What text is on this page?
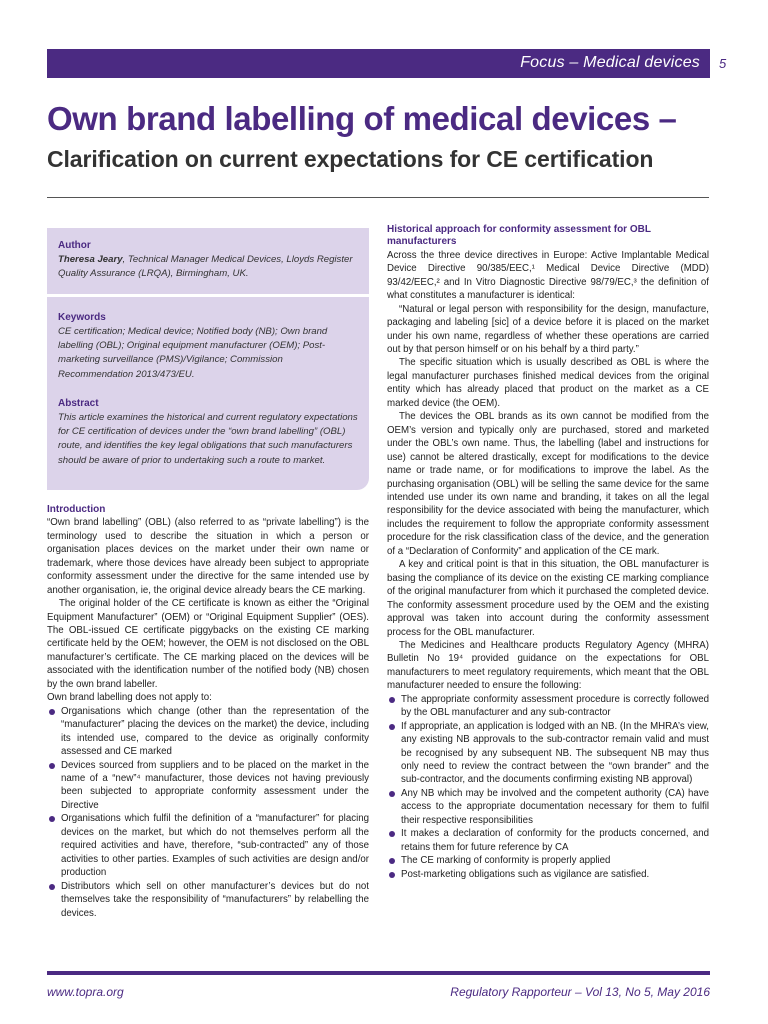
Focus – Medical devices 5
Own brand labelling of medical devices –
Clarification on current expectations for CE certification
Author
Theresa Jeary, Technical Manager Medical Devices, Lloyds Register Quality Assurance (LRQA), Birmingham, UK.
Keywords
CE certification; Medical device; Notified body (NB); Own brand labelling (OBL); Original equipment manufacturer (OEM); Post-marketing surveillance (PMS)/Vigilance; Commission Recommendation 2013/473/EU.
Abstract
This article examines the historical and current regulatory expectations for CE certification of devices under the “own brand labelling” (OBL) route, and identifies the key legal obligations that such manufacturers should be aware of prior to undertaking such a route to market.
Introduction

“Own brand labelling” (OBL) (also referred to as “private labelling”) is the terminology used to describe the situation in which a person or organisation places devices on the market under their own name or trademark, where those devices have already been subject to appropriate conformity assessment under the directive for the same intended use by another organisation, ie, the original device already bears the CE marking.

The original holder of the CE certificate is known as either the “Original Equipment Manufacturer” (OEM) or “Original Equipment Supplier” (OES). The OBL-issued CE certificate piggybacks on the existing CE marking certificate held by the OEM; however, the OEM is not disclosed on the OBL manufacturer’s certificate. The CE marking placed on the devices will be associated with the identification number of the notified body (NB) chosen by the own brand labeller.

Own brand labelling does not apply to:

Organisations which change (other than the representation of the “manufacturer” placing the devices on the market) the device, including its intended use, compared to the device as originally conformity assessed and CE marked
Devices sourced from suppliers and to be placed on the market in the name of a “new”⁴ manufacturer, those devices not having previously been subjected to appropriate conformity assessment under the Directive
Organisations which fulfil the definition of a “manufacturer” for placing devices on the market, but which do not themselves perform all the required activities and have, therefore, “sub-contracted” any of those activities to other parties. Examples of such activities are design and/or production
Distributors which sell on other manufacturer’s devices but do not themselves take the responsibility of “manufacturers” by relabelling the devices.
Historical approach for conformity assessment for OBL manufacturers

Across the three device directives in Europe: Active Implantable Medical Device Directive 90/385/EEC,¹ Medical Device Directive (MDD) 93/42/EEC,² and In Vitro Diagnostic Directive 98/79/EC,³ the definition of what constitutes a manufacturer is identical:

“Natural or legal person with responsibility for the design, manufacture, packaging and labeling [sic] of a device before it is placed on the market under his own name, regardless of whether these operations are carried out by that person himself or on his behalf by a third party.”

The specific situation which is usually described as OBL is where the legal manufacturer purchases finished medical devices from the original entity which has already placed that product on the market as a CE marked device (the OEM).

The devices the OBL brands as its own cannot be modified from the OEM’s version and typically only are purchased, stored and marketed under the OBL’s own name. Thus, the labelling (label and instructions for use) cannot be altered drastically, except for modifications to the device name or trade name, or for modifications to improve the label. As the purchasing organisation (OBL) will be selling the same device for the same intended use under its own name and branding, it takes on all the legal responsibility for the device associated with being the manufacturer, which includes the requirement to follow the appropriate conformity assessment procedure for the risk classification class of the device, and the generation of a “Declaration of Conformity” and application of the CE mark.

A key and critical point is that in this situation, the OBL manufacturer is basing the compliance of its device on the existing CE marking compliance of the original manufacturer from which it purchased the completed device. The conformity assessment procedure used by the OEM and the existing approval was taken into account during the conformity assessment process for the OBL manufacturer.

The Medicines and Healthcare products Regulatory Agency (MHRA) Bulletin No 19⁴ provided guidance on the expectations for OBL manufacturers to meet regulatory requirements, which meant that the OBL manufacturer needed to ensure the following:

The appropriate conformity assessment procedure is correctly followed by the OBL manufacturer and any sub-contractor
If appropriate, an application is lodged with an NB. (In the MHRA’s view, any existing NB approvals to the sub-contractor remain valid and must be recognised by any subsequent NB. The subsequent NB may thus only need to review the contract between the “own brander” and the sub-contractor, and the documents confirming existing NB approval)
Any NB which may be involved and the competent authority (CA) have access to the appropriate documentation necessary for them to fulfil their respective responsibilities
It makes a declaration of conformity for the products concerned, and retains them for future reference by CA
The CE marking of conformity is properly applied
Post-marketing obligations such as vigilance are satisfied.
www.topra.org	Regulatory Rapporteur – Vol 13, No 5, May 2016
